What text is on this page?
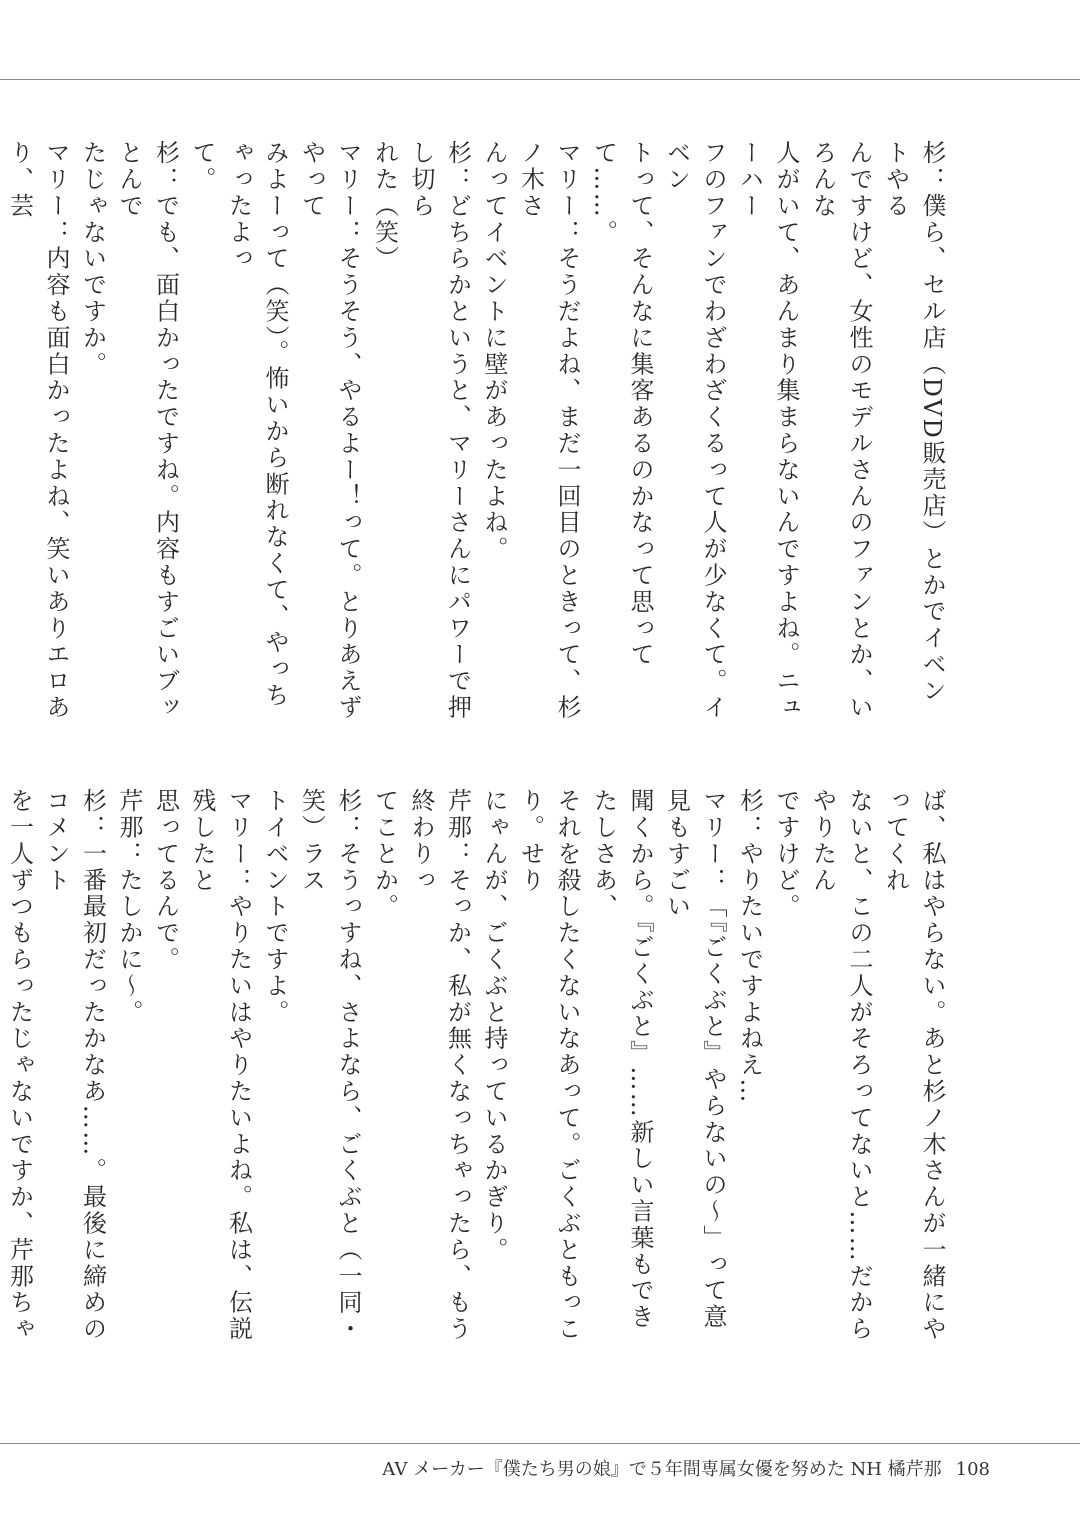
杉：僕ら、セル店（DVD販売店）とかでイベントやる

んですけど、女性のモデルさんのファンとか、いろんな

人がいて、あんまり集まらないんですよね。ニューハー

フのファンでわざわざくるって人が少なくて。イベン

トって、そんなに集客あるのかなって思ってて……。

マリー：そうだよね、まだ一回目のときって、杉ノ木さ

んってイベントに壁があったよね。

杉：どちらかというと、マリーさんにパワーで押し切ら

れた（笑）

マリー：そうそう、やるよー！って。とりあえずやって

みよーって（笑）。怖いから断れなくて、やっちゃったよっ

て。

杉：でも、面白かったですね。内容もすごいブッとんで

たじゃないですか。

マリー：内容も面白かったよね、笑いありエロあり、芸

ば、私はやらない。あと杉ノ木さんが一緒にやってくれ

ないと、この二人がそろってないと……だからやりたん

ですけど。

杉：やりたいですよねえ…

マリー：「『ごくぶと』やらないの〜」って意見もすごい

聞くから。『ごくぶと』……新しい言葉もできたしさあ、

それを殺したくないなあって。ごくぶともっこり。せり

にゃんが、ごくぶと持っているかぎり。

芹那：そっか、私が無くなっちゃったら、もう終わりっ

てことか。

杉：そうっすね、さよなら、ごくぶと（一同・笑）ラス

トイベントですよ。

マリー：やりたいはやりたいよね。私は、伝説残したと

思ってるんで。

芹那：たしかに〜。

杉：一番最初だったかなあ……。最後に締めのコメント

を一人ずつもらったじゃないですか、芹那ちゃ

AV メーカー『僕たち男の娘』で５年間専属女優を努めた NH 橘芹那 108
